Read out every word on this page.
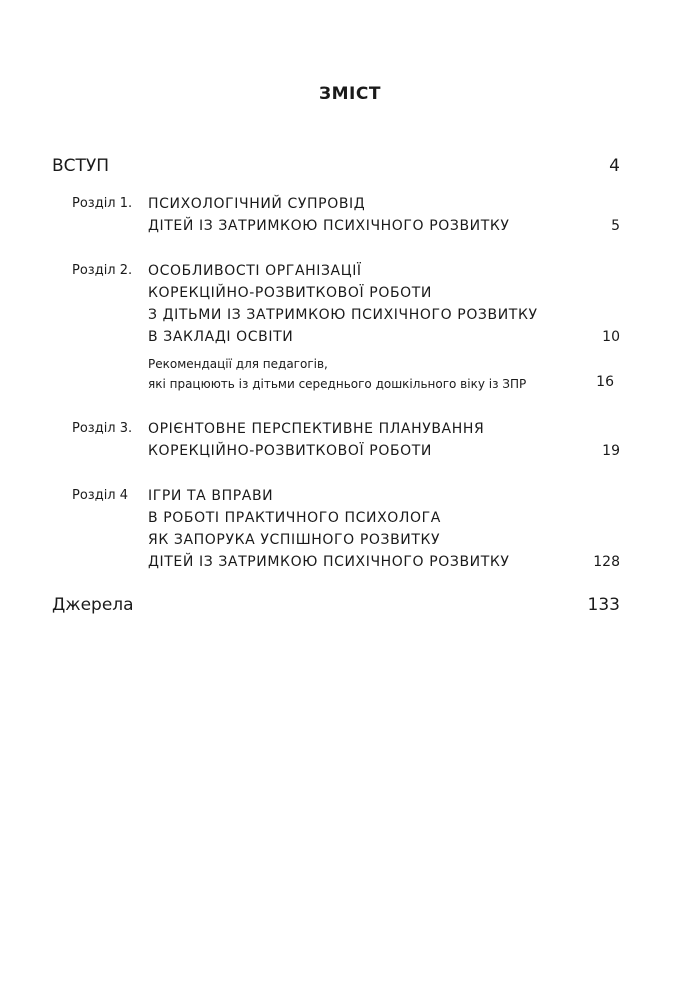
ЗМІСТ
ВСТУП	4
Розділ 1.	ПСИХОЛОГІЧНИЙ СУПРОВІД
ДІТЕЙ ІЗ ЗАТРИМКОЮ ПСИХІЧНОГО РОЗВИТКУ	5
Розділ 2.	ОСОБЛИВОСТІ ОРГАНІЗАЦІЇ
КОРЕКЦІЙНО-РОЗВИТКОВОЇ РОБОТИ
З ДІТЬМИ ІЗ ЗАТРИМКОЮ ПСИХІЧНОГО РОЗВИТКУ
В ЗАКЛАДІ ОСВІТИ	10
Рекомендації для педагогів,
які працюють із дітьми середнього дошкільного віку із ЗПР	16
Розділ 3.	ОРІЄНТОВНЕ ПЕРСПЕКТИВНЕ ПЛАНУВАННЯ
КОРЕКЦІЙНО-РОЗВИТКОВОЇ РОБОТИ	19
Розділ 4	ІГРИ ТА ВПРАВИ
В РОБОТІ ПРАКТИЧНОГО ПСИХОЛОГА
ЯК ЗАПОРУКА УСПІШНОГО РОЗВИТКУ
ДІТЕЙ ІЗ ЗАТРИМКОЮ ПСИХІЧНОГО РОЗВИТКУ	128
Джерела	133
